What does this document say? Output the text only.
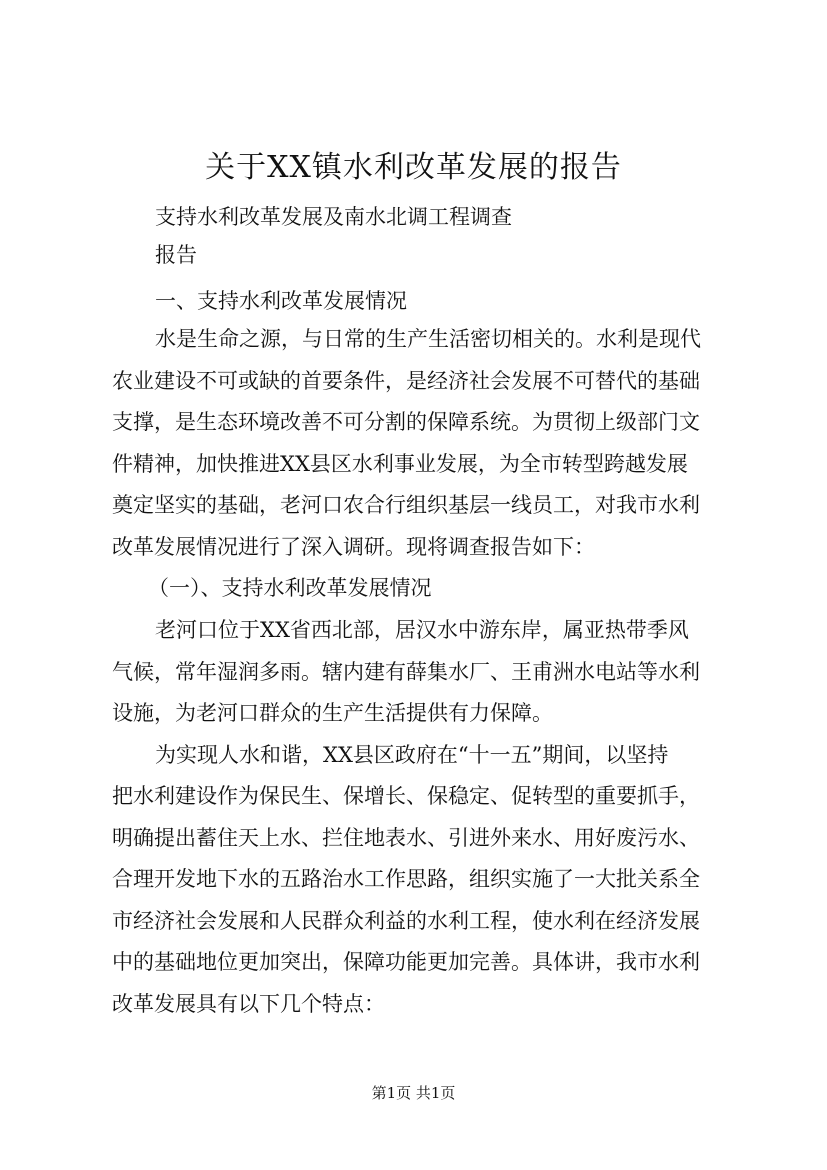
关于XX镇水利改革发展的报告

支持水利改革发展及南水北调工程调查

报告

一、支持水利改革发展情况

水是生命之源，与日常的生产生活密切相关的。水利是现代

农业建设不可或缺的首要条件，是经济社会发展不可替代的基础

支撑，是生态环境改善不可分割的保障系统。为贯彻上级部门文

件精神，加快推进XX县区水利事业发展，为全市转型跨越发展

奠定坚实的基础，老河口农合行组织基层一线员工，对我市水利

改革发展情况进行了深入调研。现将调查报告如下：

（一）、支持水利改革发展情况

老河口位于XX省西北部，居汉水中游东岸，属亚热带季风

气候，常年湿润多雨。辖内建有薛集水厂、王甫洲水电站等水利

设施，为老河口群众的生产生活提供有力保障。

为实现人水和谐，XX县区政府在“十一五”期间，以坚持

把水利建设作为保民生、保增长、保稳定、促转型的重要抓手，

明确提出蓄住天上水、拦住地表水、引进外来水、用好废污水、

合理开发地下水的五路治水工作思路，组织实施了一大批关系全

市经济社会发展和人民群众利益的水利工程，使水利在经济发展

中的基础地位更加突出，保障功能更加完善。具体讲，我市水利

改革发展具有以下几个特点：

第1页 共1页
